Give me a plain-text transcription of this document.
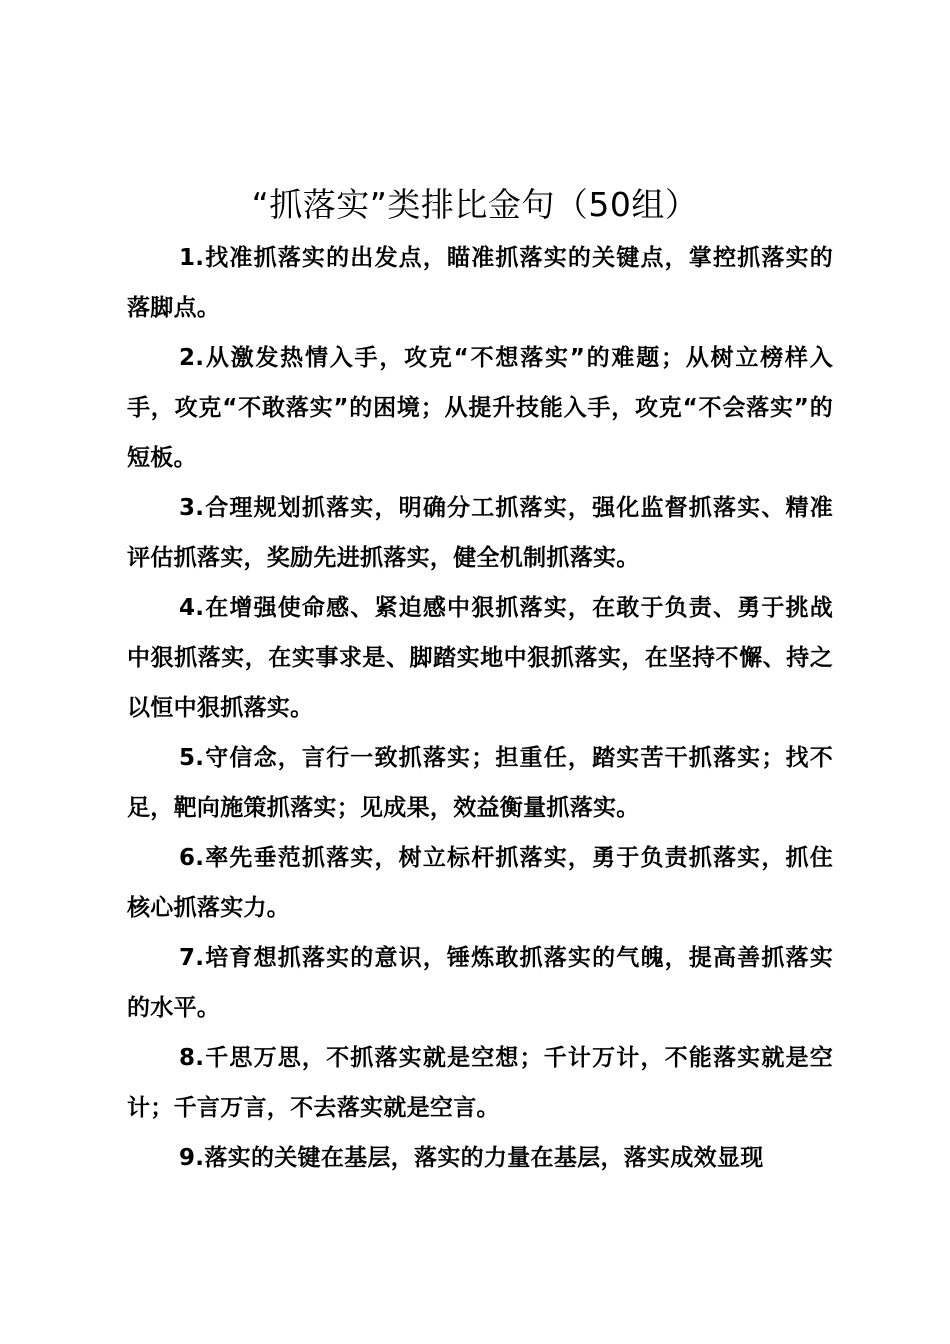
“抓落实”类排比金句（50组）

1.找准抓落实的出发点，瞄准抓落实的关键点，掌控抓落实的落脚点。

2.从激发热情入手，攻克“不想落实”的难题；从树立榜样入手，攻克“不敢落实”的困境；从提升技能入手，攻克“不会落实”的短板。

3.合理规划抓落实，明确分工抓落实，强化监督抓落实、精准评估抓落实，奖励先进抓落实，健全机制抓落实。

4.在增强使命感、紧迫感中狠抓落实，在敢于负责、勇于挑战中狠抓落实，在实事求是、脚踏实地中狠抓落实，在坚持不懈、持之以恒中狠抓落实。

5.守信念，言行一致抓落实；担重任，踏实苦干抓落实；找不足，靶向施策抓落实；见成果，效益衡量抓落实。

6.率先垂范抓落实，树立标杆抓落实，勇于负责抓落实，抓住核心抓落实力。

7.培育想抓落实的意识，锤炼敢抓落实的气魄，提高善抓落实的水平。

8.千思万思，不抓落实就是空想；千计万计，不能落实就是空计；千言万言，不去落实就是空言。

9.落实的关键在基层，落实的力量在基层，落实成效显现
